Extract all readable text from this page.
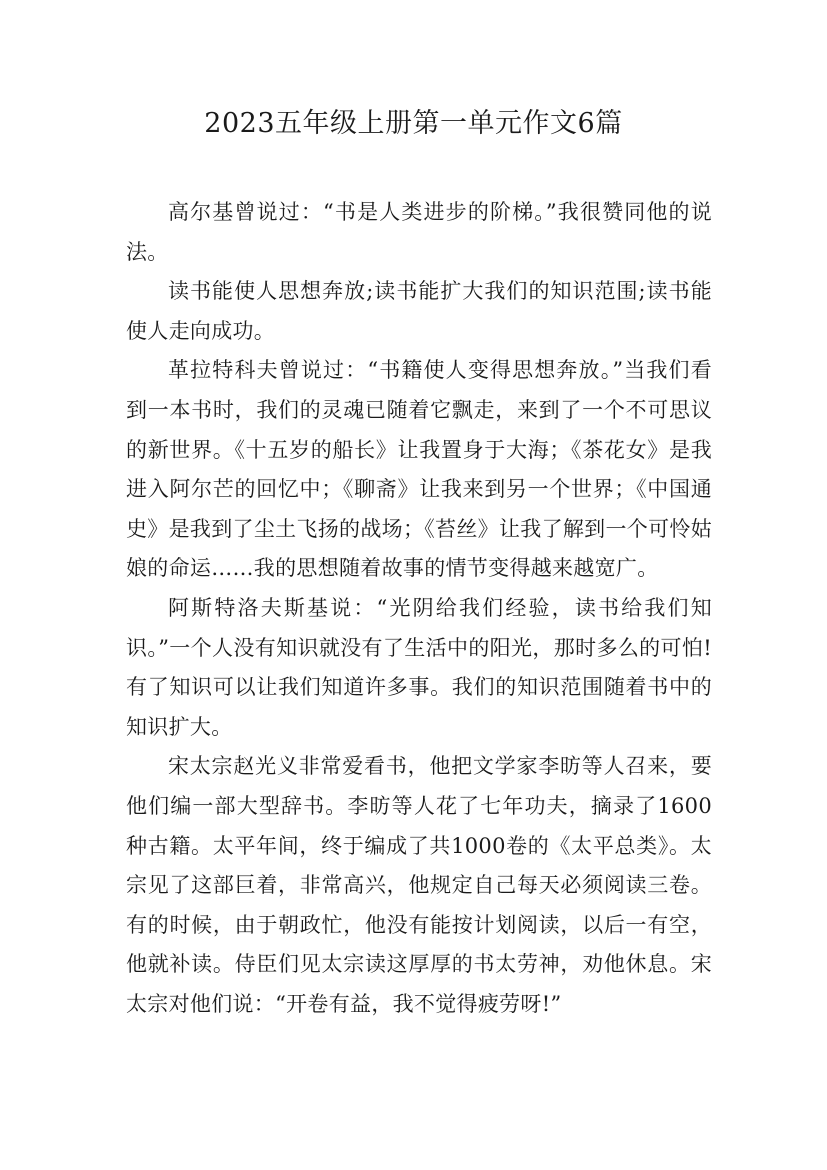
2023五年级上册第一单元作文6篇

高尔基曾说过：“书是人类进步的阶梯。”我很赞同他的说法。

读书能使人思想奔放;读书能扩大我们的知识范围;读书能使人走向成功。

革拉特科夫曾说过：“书籍使人变得思想奔放。”当我们看到一本书时，我们的灵魂已随着它飘走，来到了一个不可思议的新世界。《十五岁的船长》让我置身于大海；《茶花女》是我进入阿尔芒的回忆中；《聊斋》让我来到另一个世界；《中国通史》是我到了尘土飞扬的战场；《苔丝》让我了解到一个可怜姑娘的命运……我的思想随着故事的情节变得越来越宽广。

阿斯特洛夫斯基说：“光阴给我们经验，读书给我们知识。”一个人没有知识就没有了生活中的阳光，那时多么的可怕!有了知识可以让我们知道许多事。我们的知识范围随着书中的知识扩大。

宋太宗赵光义非常爱看书，他把文学家李昉等人召来，要他们编一部大型辞书。李昉等人花了七年功夫，摘录了1600种古籍。太平年间，终于编成了共1000卷的《太平总类》。太宗见了这部巨着，非常高兴，他规定自己每天必须阅读三卷。有的时候，由于朝政忙，他没有能按计划阅读，以后一有空，他就补读。侍臣们见太宗读这厚厚的书太劳神，劝他休息。宋太宗对他们说：“开卷有益，我不觉得疲劳呀!”
